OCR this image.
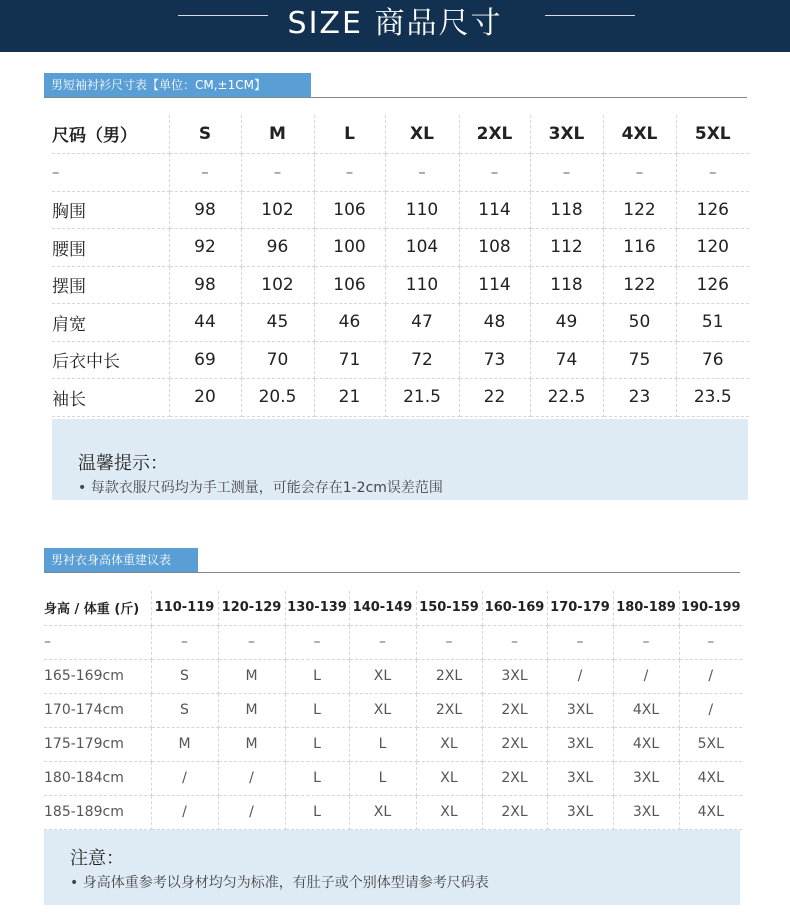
SIZE 商品尺寸
男短袖衬衫尺寸表【单位：CM,±1CM】
尺码（男）	S	M	L	XL	2XL	3XL	4XL	5XL
–	–	–	–	–	–	–	–	–
胸围	98	102	106	110	114	118	122	126
腰围	92	96	100	104	108	112	116	120
摆围	98	102	106	110	114	118	122	126
肩宽	44	45	46	47	48	49	50	51
后衣中长	69	70	71	72	73	74	75	76
袖长	20	20.5	21	21.5	22	22.5	23	23.5
温馨提示：
• 每款衣服尺码均为手工测量，可能会存在1-2cm误差范围
男衬衣身高体重建议表
身高 / 体重 (斤)	110-119	120-129	130-139	140-149	150-159	160-169	170-179	180-189	190-199
–	–	–	–	–	–	–	–	–	–
165-169cm	S	M	L	XL	2XL	3XL	/	/	/
170-174cm	S	M	L	XL	2XL	2XL	3XL	4XL	/
175-179cm	M	M	L	L	XL	2XL	3XL	4XL	5XL
180-184cm	/	/	L	L	XL	2XL	3XL	3XL	4XL
185-189cm	/	/	L	XL	XL	2XL	3XL	3XL	4XL
注意：
• 身高体重参考以身材均匀为标准，有肚子或个别体型请参考尺码表
